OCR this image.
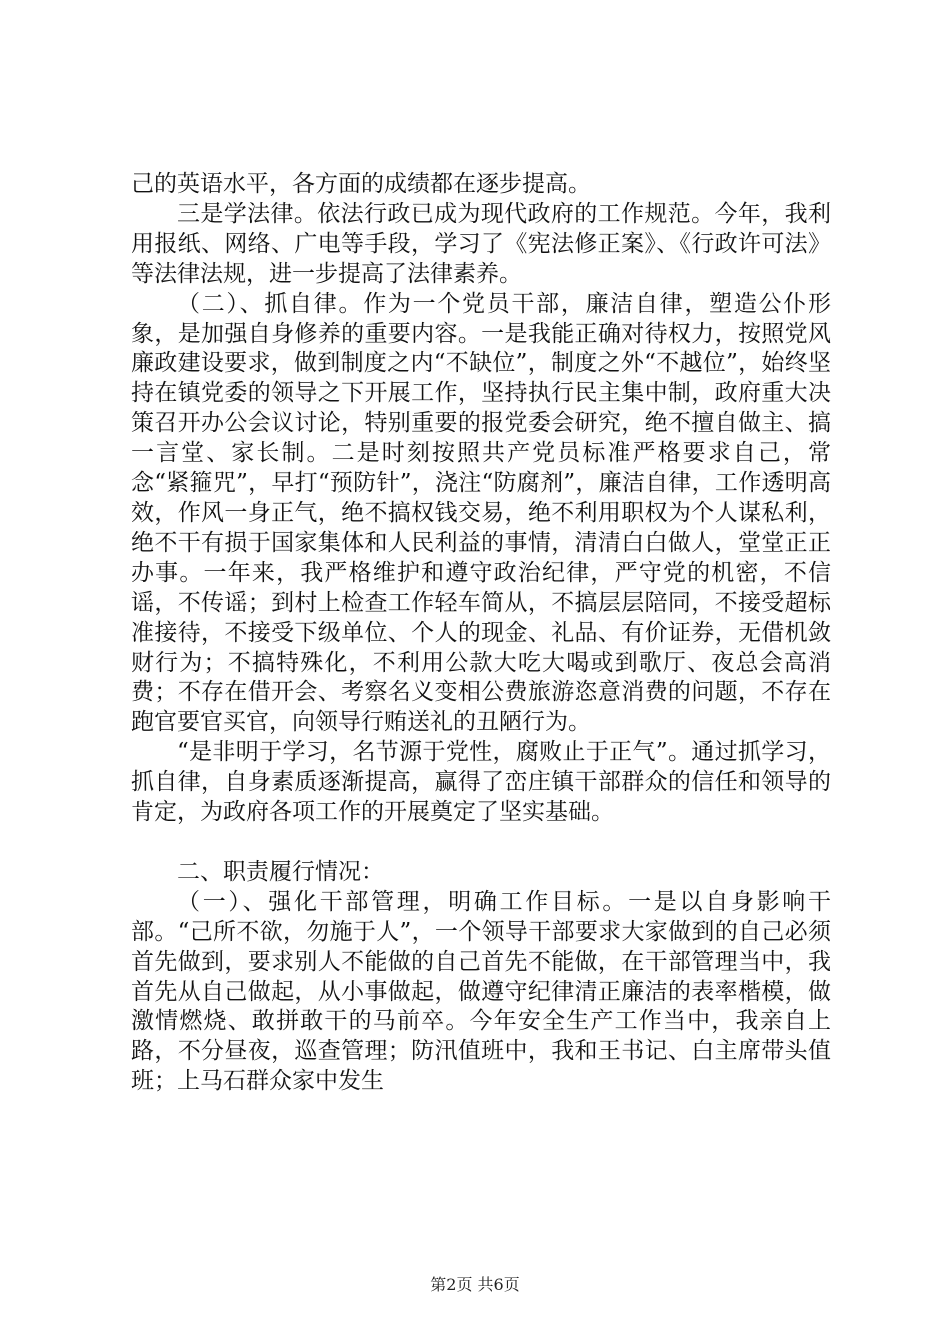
己的英语水平，各方面的成绩都在逐步提高。

三是学法律。依法行政已成为现代政府的工作规范。今年，我利用报纸、网络、广电等手段，学习了《宪法修正案》、《行政许可法》等法律法规，进一步提高了法律素养。

（二）、抓自律。作为一个党员干部，廉洁自律，塑造公仆形象，是加强自身修养的重要内容。一是我能正确对待权力，按照党风廉政建设要求，做到制度之内“不缺位”，制度之外“不越位”，始终坚持在镇党委的领导之下开展工作，坚持执行民主集中制，政府重大决策召开办公会议讨论，特别重要的报党委会研究，绝不擅自做主、搞一言堂、家长制。二是时刻按照共产党员标准严格要求自己，常念“紧箍咒”，早打“预防针”，浇注“防腐剂”，廉洁自律，工作透明高效，作风一身正气，绝不搞权钱交易，绝不利用职权为个人谋私利，绝不干有损于国家集体和人民利益的事情，清清白白做人，堂堂正正办事。一年来，我严格维护和遵守政治纪律，严守党的机密，不信谣，不传谣；到村上检查工作轻车简从，不搞层层陪同，不接受超标准接待，不接受下级单位、个人的现金、礼品、有价证券，无借机敛财行为；不搞特殊化，不利用公款大吃大喝或到歌厅、夜总会高消费；不存在借开会、考察名义变相公费旅游恣意消费的问题，不存在跑官要官买官，向领导行贿送礼的丑陋行为。

“是非明于学习，名节源于党性，腐败止于正气”。通过抓学习，抓自律，自身素质逐渐提高，赢得了峦庄镇干部群众的信任和领导的肯定，为政府各项工作的开展奠定了坚实基础。

二、职责履行情况：

（一）、强化干部管理，明确工作目标。一是以自身影响干部。“己所不欲，勿施于人”，一个领导干部要求大家做到的自己必须首先做到，要求别人不能做的自己首先不能做，在干部管理当中，我首先从自己做起，从小事做起，做遵守纪律清正廉洁的表率楷模，做激情燃烧、敢拼敢干的马前卒。今年安全生产工作当中，我亲自上路，不分昼夜，巡查管理；防汛值班中，我和王书记、白主席带头值班；上马石群众家中发生

第2页 共6页
